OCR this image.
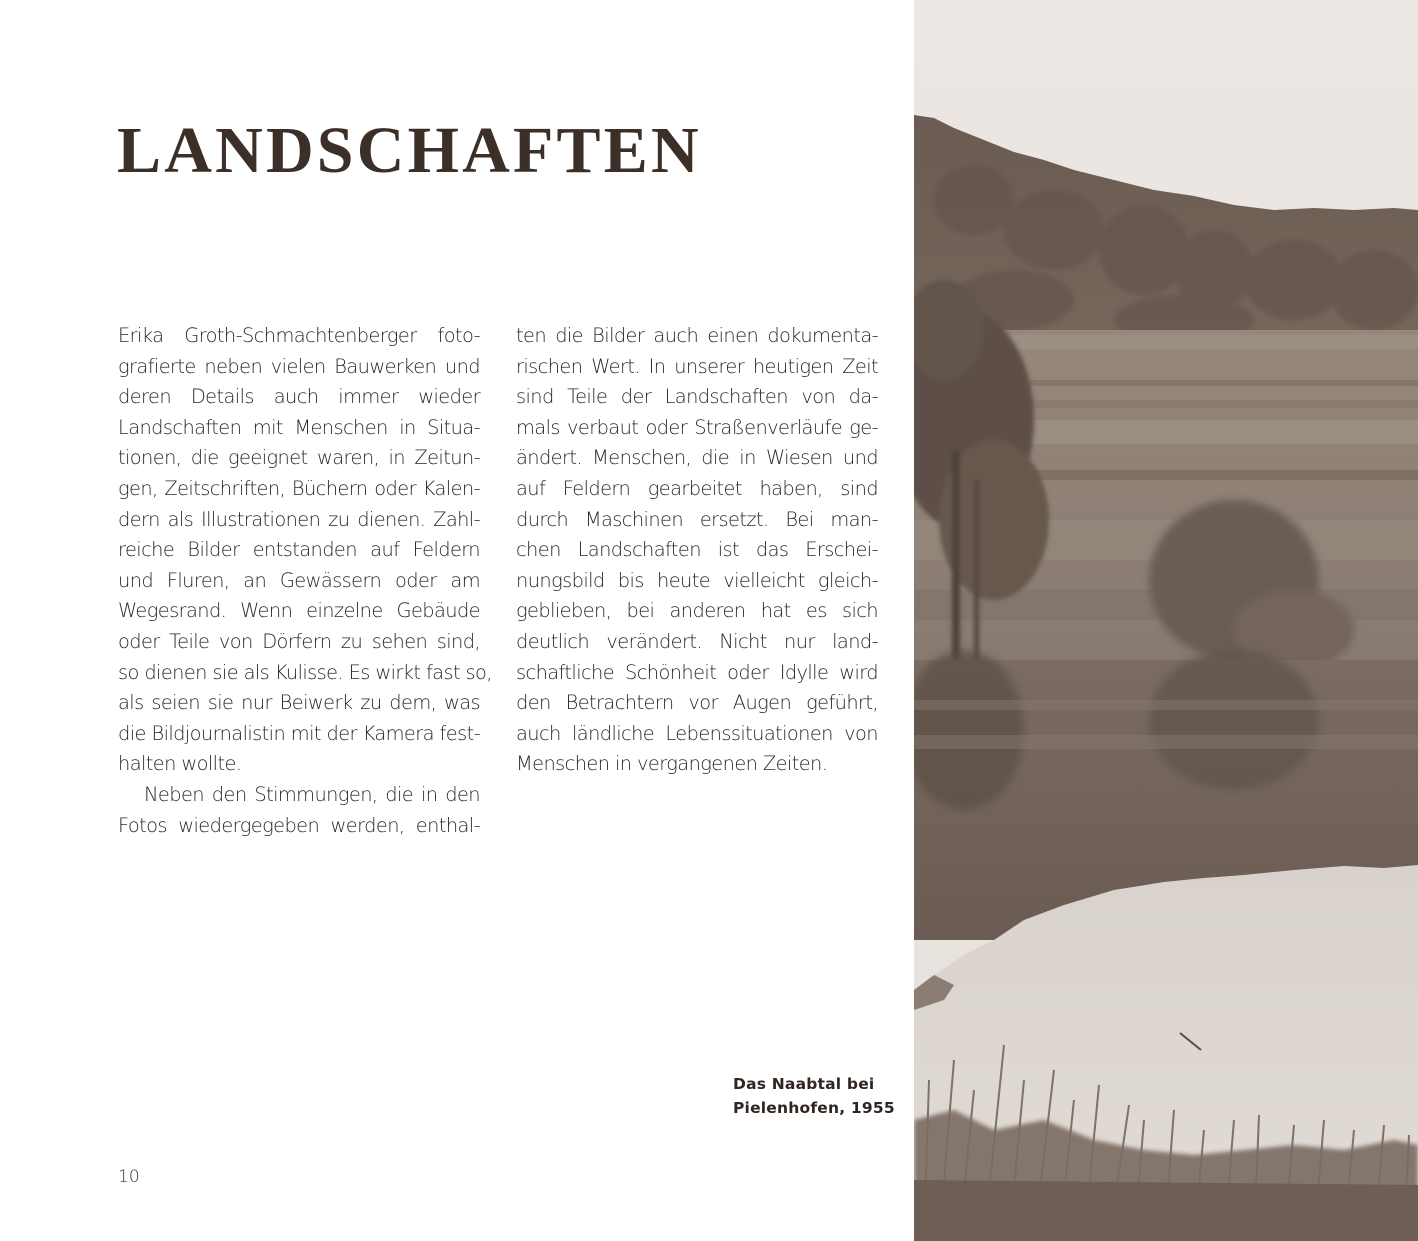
LANDSCHAFTEN
Erika Groth-Schmachtenberger foto-
grafierte neben vielen Bauwerken und
deren Details auch immer wieder
Landschaften mit Menschen in Situa-
tionen, die geeignet waren, in Zeitun-
gen, Zeitschriften, Büchern oder Kalen-
dern als Illustrationen zu dienen. Zahl-
reiche Bilder entstanden auf Feldern
und Fluren, an Gewässern oder am
Wegesrand. Wenn einzelne Gebäude
oder Teile von Dörfern zu sehen sind,
so dienen sie als Kulisse. Es wirkt fast so,
als seien sie nur Beiwerk zu dem, was
die Bildjournalistin mit der Kamera fest-
halten wollte.
Neben den Stimmungen, die in den
Fotos wiedergegeben werden, enthal-
ten die Bilder auch einen dokumenta-
rischen Wert. In unserer heutigen Zeit
sind Teile der Landschaften von da-
mals verbaut oder Straßenverläufe ge-
ändert. Menschen, die in Wiesen und
auf Feldern gearbeitet haben, sind
durch Maschinen ersetzt. Bei man-
chen Landschaften ist das Erschei-
nungsbild bis heute vielleicht gleich-
geblieben, bei anderen hat es sich
deutlich verändert. Nicht nur land-
schaftliche Schönheit oder Idylle wird
den Betrachtern vor Augen geführt,
auch ländliche Lebenssituationen von
Menschen in vergangenen Zeiten.
Das Naabtal bei
Pielenhofen, 1955
10
